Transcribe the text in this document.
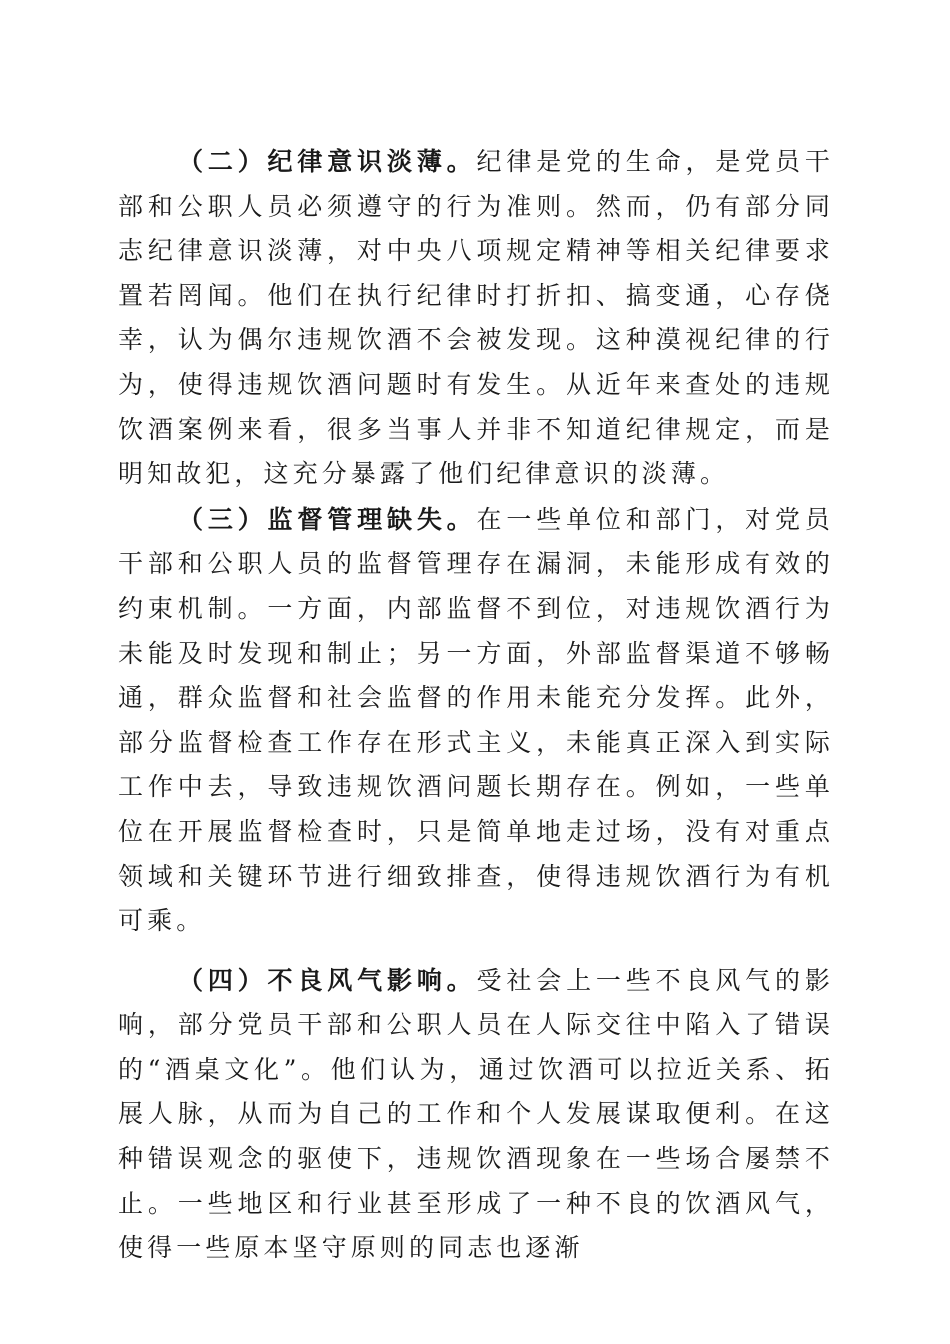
（二）纪律意识淡薄。纪律是党的生命，是党员干部和公职人员必须遵守的行为准则。然而，仍有部分同志纪律意识淡薄，对中央八项规定精神等相关纪律要求置若罔闻。他们在执行纪律时打折扣、搞变通，心存侥幸，认为偶尔违规饮酒不会被发现。这种漠视纪律的行为，使得违规饮酒问题时有发生。从近年来查处的违规饮酒案例来看，很多当事人并非不知道纪律规定，而是明知故犯，这充分暴露了他们纪律意识的淡薄。

（三）监督管理缺失。在一些单位和部门，对党员干部和公职人员的监督管理存在漏洞，未能形成有效的约束机制。一方面，内部监督不到位，对违规饮酒行为未能及时发现和制止；另一方面，外部监督渠道不够畅通，群众监督和社会监督的作用未能充分发挥。此外，部分监督检查工作存在形式主义，未能真正深入到实际工作中去，导致违规饮酒问题长期存在。例如，一些单位在开展监督检查时，只是简单地走过场，没有对重点领域和关键环节进行细致排查，使得违规饮酒行为有机可乘。

（四）不良风气影响。受社会上一些不良风气的影响，部分党员干部和公职人员在人际交往中陷入了错误的“酒桌文化”。他们认为，通过饮酒可以拉近关系、拓展人脉，从而为自己的工作和个人发展谋取便利。在这种错误观念的驱使下，违规饮酒现象在一些场合屡禁不止。一些地区和行业甚至形成了一种不良的饮酒风气，使得一些原本坚守原则的同志也逐渐
